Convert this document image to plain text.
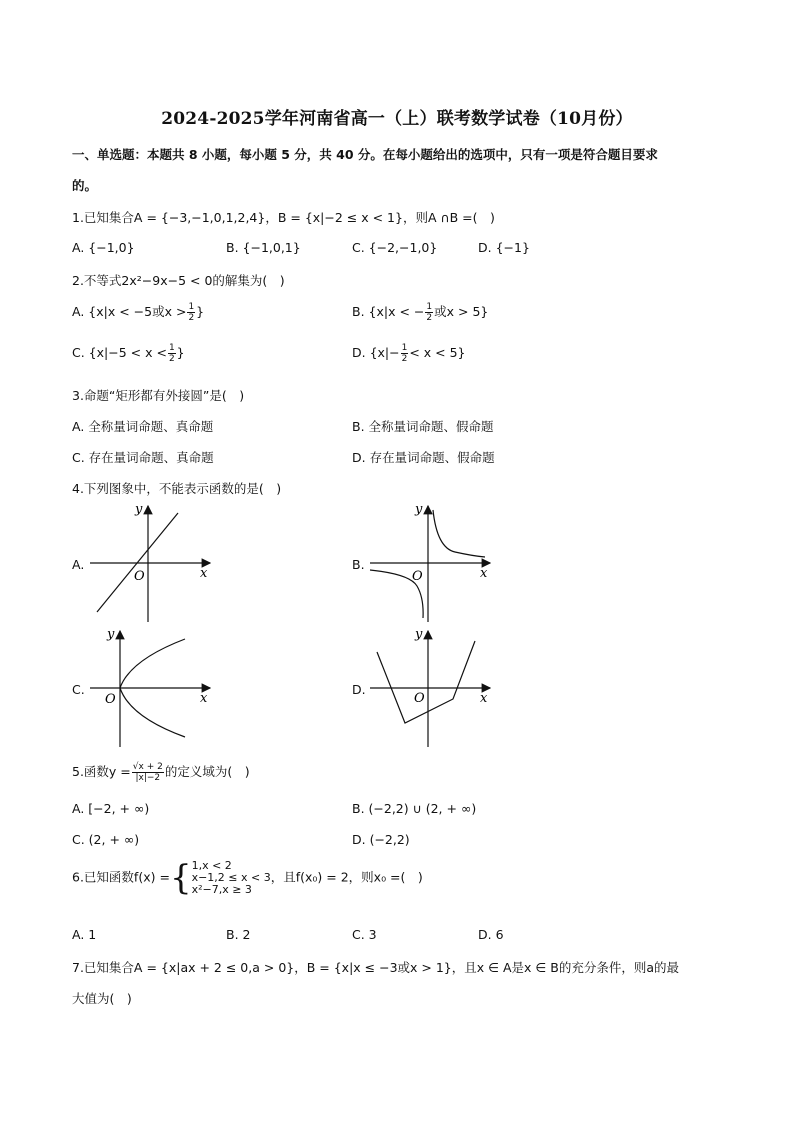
2024-2025学年河南省高一（上）联考数学试卷（10月份）
一、单选题：本题共 8 小题，每小题 5 分，共 40 分。在每小题给出的选项中，只有一项是符合题目要求
的。
1.已知集合A = {−3,−1,0,1,2,4}，B = {x|−2 ≤ x < 1}，则A ∩B =(　)
A. {−1,0}	B. {−1,0,1}	C. {−2,−1,0}	D. {−1}
2.不等式2x²−9x−5 < 0的解集为(　)
A. {x|x < −5或$x > \frac{1}{2}$ }	B. {x|x < − $\frac{1}{2}$ 或x > 5}
C. {$x|-5 < x < \frac{1}{2}$ }	D. $\{x|- \frac{1}{2} < x < 5\}$
3.命题“矩形都有外接圆”是(　)
A. 全称量词命题、真命题	B. 全称量词命题、假命题
C. 存在量词命题、真命题	D. 存在量词命题、假命题
4.下列图象中，不能表示函数的是(　)
A.
O	x
y
B.
O	x
y
C.
O	x
y
D.
O	x
y
5.函数$y = \frac{√x + 2}{|x|-2}$ 的定义域为(　)
A. [−2, + ∞)	B. (−2,2) ∪ (2, + ∞)
C. (2, + ∞)	D. (−2,2)
6.已知函数f(x) ={ 1,x < 2
x−1,2 ≤ x < 3
x²−7,x ≥ 3
，且f(x₀) = 2，则x₀ =(　)
A. 1	B. 2	C. 3	D. 6
7.已知集合A = {x|ax + 2 ≤ 0,a > 0}，B = {x|x ≤ −3或x > 1}，且x ∈ A是x ∈ B的充分条件，则a的最
大值为(　)
